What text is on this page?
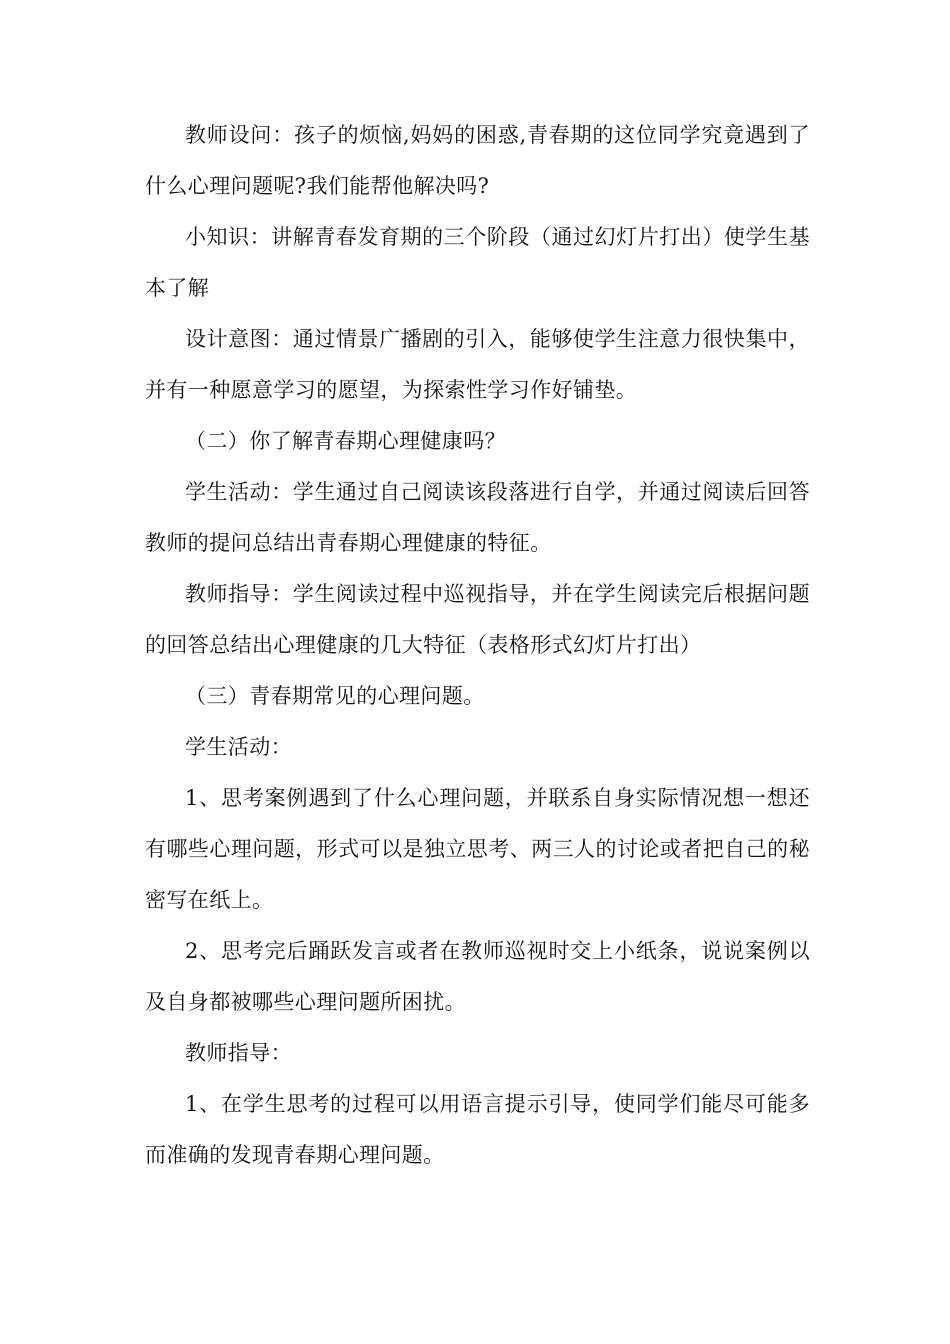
教师设问：孩子的烦恼,妈妈的困惑,青春期的这位同学究竟遇到了什么心理问题呢?我们能帮他解决吗?

小知识：讲解青春发育期的三个阶段（通过幻灯片打出）使学生基本了解

设计意图：通过情景广播剧的引入，能够使学生注意力很快集中，并有一种愿意学习的愿望，为探索性学习作好铺垫。

（二）你了解青春期心理健康吗？

学生活动：学生通过自己阅读该段落进行自学，并通过阅读后回答教师的提问总结出青春期心理健康的特征。

教师指导：学生阅读过程中巡视指导，并在学生阅读完后根据问题的回答总结出心理健康的几大特征（表格形式幻灯片打出）

（三）青春期常见的心理问题。

学生活动：

1、思考案例遇到了什么心理问题，并联系自身实际情况想一想还有哪些心理问题，形式可以是独立思考、两三人的讨论或者把自己的秘密写在纸上。

2、思考完后踊跃发言或者在教师巡视时交上小纸条，说说案例以及自身都被哪些心理问题所困扰。

教师指导：

1、在学生思考的过程可以用语言提示引导，使同学们能尽可能多而准确的发现青春期心理问题。
